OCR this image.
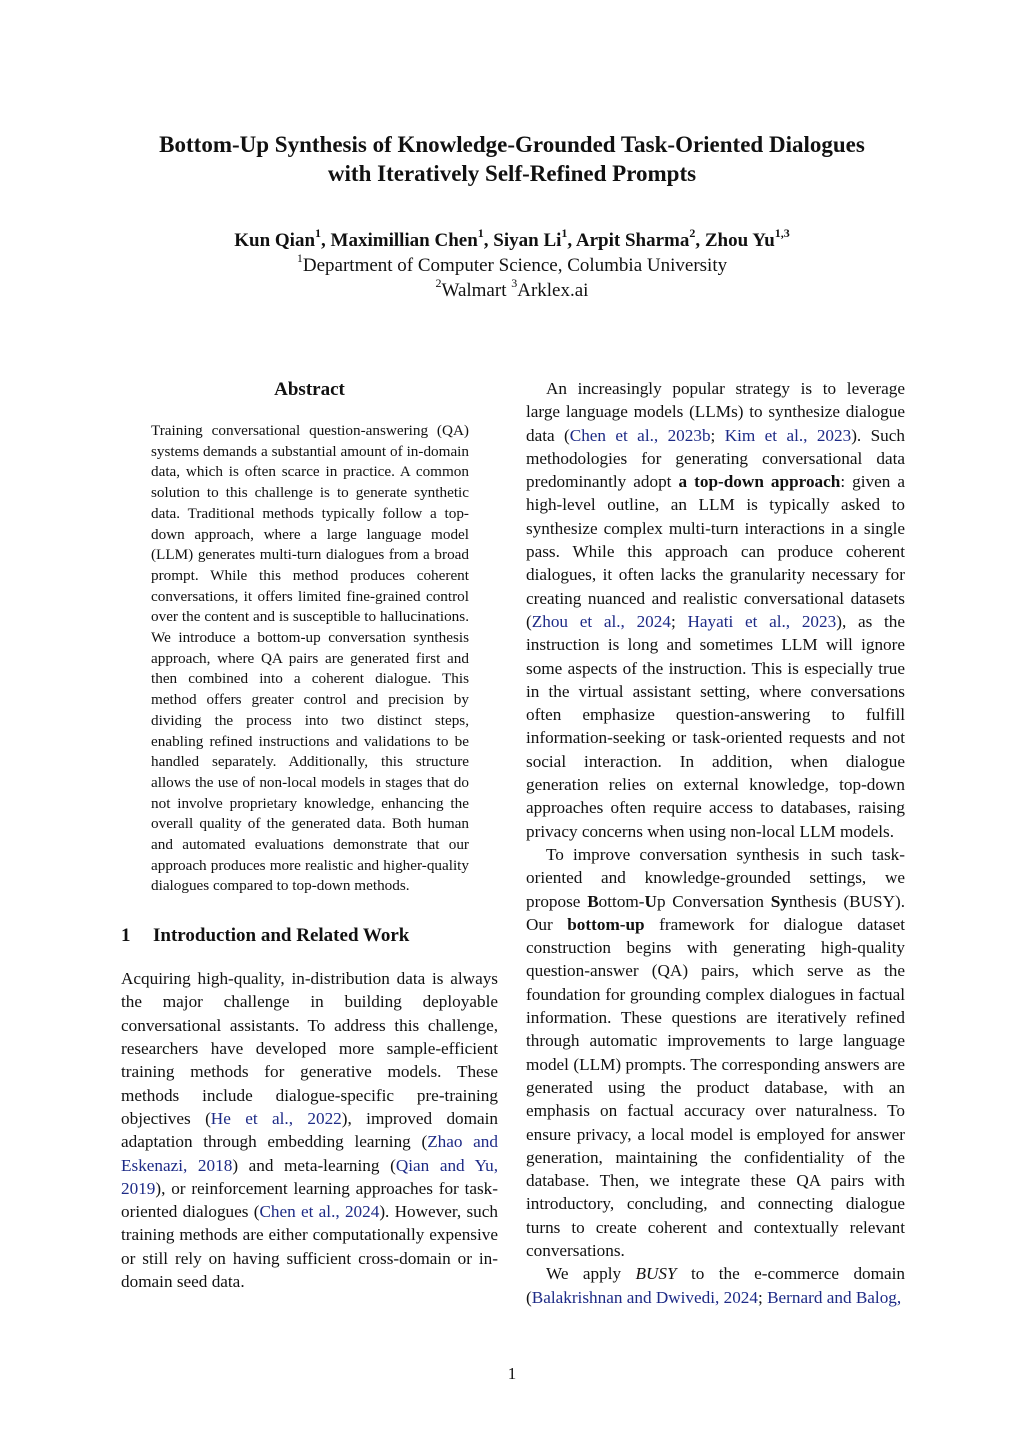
Bottom-Up Synthesis of Knowledge-Grounded Task-Oriented Dialogues
with Iteratively Self-Refined Prompts
Kun Qian$^1$, Maximillian Chen$^1$, Siyan Li$^1$, Arpit Sharma$^2$, Zhou Yu$^{1,3}$
$^1$Department of Computer Science, Columbia University
$^2$Walmart $^3$Arklex.ai
Abstract
Training conversational question-answering (QA) systems demands a substantial amount of in-domain data, which is often scarce in practice. A common solution to this challenge is to generate synthetic data. Traditional methods typically follow a top-down approach, where a large language model (LLM) generates multi-turn dialogues from a broad prompt. While this method produces coherent conversations, it offers limited fine-grained control over the content and is susceptible to hallucinations. We introduce a bottom-up conversation synthesis approach, where QA pairs are generated first and then combined into a coherent dialogue. This method offers greater control and precision by dividing the process into two distinct steps, enabling refined instructions and validations to be handled separately. Additionally, this structure allows the use of non-local models in stages that do not involve proprietary knowledge, enhancing the overall quality of the generated data. Both human and automated evaluations demonstrate that our approach produces more realistic and higher-quality dialogues compared to top-down methods.
1 Introduction and Related Work

Acquiring high-quality, in-distribution data is always the major challenge in building deployable conversational assistants. To address this challenge, researchers have developed more sample-efficient training methods for generative models. These methods include dialogue-specific pre-training objectives (He et al., 2022), improved domain adaptation through embedding learning (Zhao and Eskenazi, 2018) and meta-learning (Qian and Yu, 2019), or reinforcement learning approaches for task-oriented dialogues (Chen et al., 2024). However, such training methods are either computationally expensive or still rely on having sufficient cross-domain or in-domain seed data.

An increasingly popular strategy is to leverage large language models (LLMs) to synthesize dialogue data (Chen et al., 2023b; Kim et al., 2023). Such methodologies for generating conversational data predominantly adopt a top-down approach: given a high-level outline, an LLM is typically asked to synthesize complex multi-turn interactions in a single pass. While this approach can produce coherent dialogues, it often lacks the granularity necessary for creating nuanced and realistic conversational datasets (Zhou et al., 2024; Hayati et al., 2023), as the instruction is long and sometimes LLM will ignore some aspects of the instruction. This is especially true in the virtual assistant setting, where conversations often emphasize question-answering to fulfill information-seeking or task-oriented requests and not social interaction. In addition, when dialogue generation relies on external knowledge, top-down approaches often require access to databases, raising privacy concerns when using non-local LLM models.

To improve conversation synthesis in such task-oriented and knowledge-grounded settings, we propose Bottom-Up Conversation Synthesis (BUSY). Our bottom-up framework for dialogue dataset construction begins with generating high-quality question-answer (QA) pairs, which serve as the foundation for grounding complex dialogues in factual information. These questions are iteratively refined through automatic improvements to large language model (LLM) prompts. The corresponding answers are generated using the product database, with an emphasis on factual accuracy over naturalness. To ensure privacy, a local model is employed for answer generation, maintaining the confidentiality of the database. Then, we integrate these QA pairs with introductory, concluding, and connecting dialogue turns to create coherent and contextually relevant conversations.

We apply BUSY to the e-commerce domain (Balakrishnan and Dwivedi, 2024; Bernard and Balog,

1
